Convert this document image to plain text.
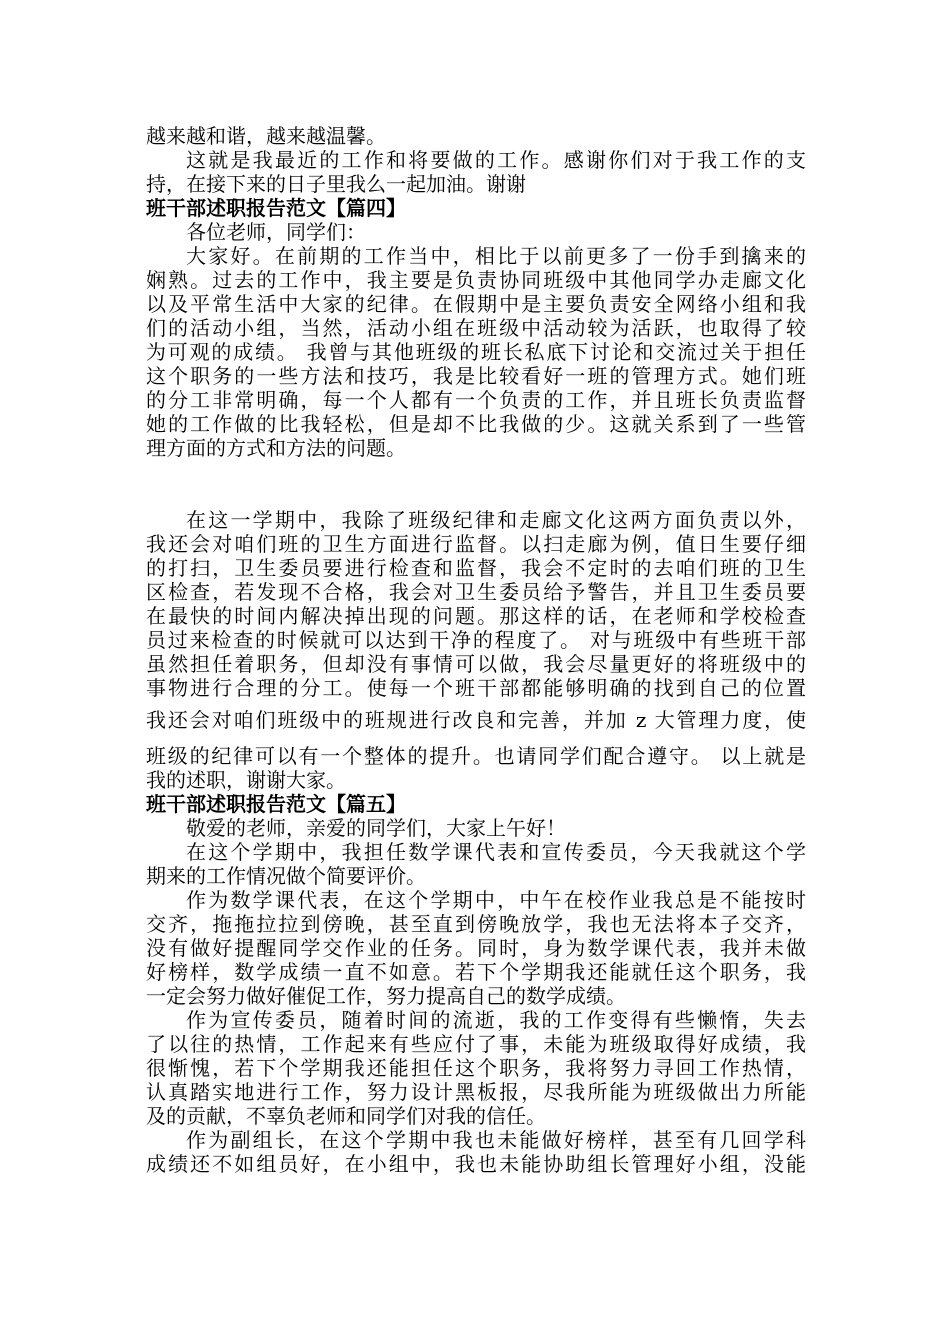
越来越和谐，越来越温馨。
这就是我最近的工作和将要做的工作。感谢你们对于我工作的支
持，在接下来的日子里我么一起加油。谢谢
班干部述职报告范文【篇四】
各位老师，同学们：
大家好。在前期的工作当中，相比于以前更多了一份手到擒来的
娴熟。过去的工作中，我主要是负责协同班级中其他同学办走廊文化
以及平常生活中大家的纪律。在假期中是主要负责安全网络小组和我
们的活动小组，当然，活动小组在班级中活动较为活跃，也取得了较
为可观的成绩。 我曾与其他班级的班长私底下讨论和交流过关于担任
这个职务的一些方法和技巧，我是比较看好一班的管理方式。她们班
的分工非常明确，每一个人都有一个负责的工作，并且班长负责监督
她的工作做的比我轻松，但是却不比我做的少。这就关系到了一些管
理方面的方式和方法的问题。
在这一学期中，我除了班级纪律和走廊文化这两方面负责以外，
我还会对咱们班的卫生方面进行监督。以扫走廊为例，值日生要仔细
的打扫，卫生委员要进行检查和监督，我会不定时的去咱们班的卫生
区检查，若发现不合格，我会对卫生委员给予警告，并且卫生委员要
在最快的时间内解决掉出现的问题。那这样的话，在老师和学校检查
员过来检查的时候就可以达到干净的程度了。 对与班级中有些班干部
虽然担任着职务，但却没有事情可以做，我会尽量更好的将班级中的
事物进行合理的分工。使每一个班干部都能够明确的找到自己的位置
我还会对咱们班级中的班规进行改良和完善，并加 z 大管理力度，使
班级的纪律可以有一个整体的提升。也请同学们配合遵守。 以上就是
我的述职，谢谢大家。
班干部述职报告范文【篇五】
敬爱的老师，亲爱的同学们，大家上午好！
在这个学期中，我担任数学课代表和宣传委员，今天我就这个学
期来的工作情况做个简要评价。
作为数学课代表，在这个学期中，中午在校作业我总是不能按时
交齐，拖拖拉拉到傍晚，甚至直到傍晚放学，我也无法将本子交齐，
没有做好提醒同学交作业的任务。同时，身为数学课代表，我并未做
好榜样，数学成绩一直不如意。若下个学期我还能就任这个职务，我
一定会努力做好催促工作，努力提高自己的数学成绩。
作为宣传委员，随着时间的流逝，我的工作变得有些懒惰，失去
了以往的热情，工作起来有些应付了事，未能为班级取得好成绩，我
很惭愧，若下个学期我还能担任这个职务，我将努力寻回工作热情，
认真踏实地进行工作，努力设计黑板报，尽我所能为班级做出力所能
及的贡献，不辜负老师和同学们对我的信任。
作为副组长，在这个学期中我也未能做好榜样，甚至有几回学科
成绩还不如组员好，在小组中，我也未能协助组长管理好小组，没能
